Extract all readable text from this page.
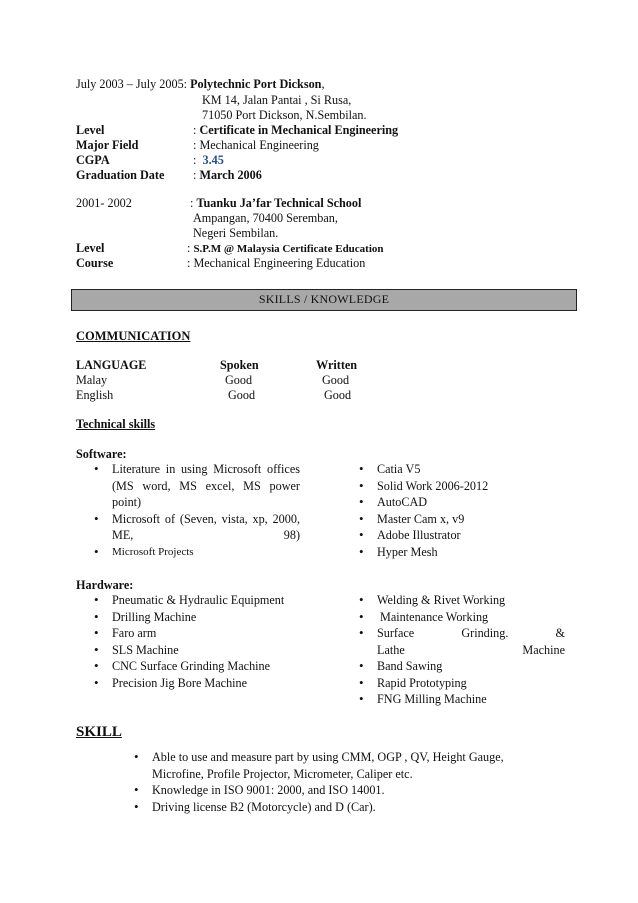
July 2003 – July 2005: Polytechnic Port Dickson,
KM 14, Jalan Pantai , Si Rusa,
71050 Port Dickson, N.Sembilan.
Level	: Certificate in Mechanical Engineering
Major Field	: Mechanical Engineering
CGPA	: 3.45
Graduation Date : March 2006
2001- 2002	: Tuanku Ja’far Technical School
Ampangan, 70400 Seremban,
Negeri Sembilan.
Level	: S.P.M @ Malaysia Certificate Education
Course	: Mechanical Engineering Education
SKILLS / KNOWLEDGE
COMMUNICATION
LANGUAGE	Spoken	Written
Malay	Good	Good
English	Good	Good
Technical skills
Software:
• Literature in using Microsoft offices (MS word, MS excel, MS power point)
• Microsoft of (Seven, vista, xp, 2000, ME, 98)
• Microsoft Projects
• Catia V5
• Solid Work 2006-2012
• AutoCAD
• Master Cam x, v9
• Adobe Illustrator
• Hyper Mesh
Hardware:
• Pneumatic & Hydraulic Equipment
• Drilling Machine
• Faro arm
• SLS Machine
• CNC Surface Grinding Machine
• Precision Jig Bore Machine
• Welding & Rivet Working
•  Maintenance Working
• Surface Grinding. & Lathe Machine
• Band Sawing
• Rapid Prototyping
• FNG Milling Machine
SKILL
• Able to use and measure part by using CMM, OGP , QV, Height Gauge, Microfine, Profile Projector, Micrometer, Caliper etc.
• Knowledge in ISO 9001: 2000, and ISO 14001.
• Driving license B2 (Motorcycle) and D (Car).
